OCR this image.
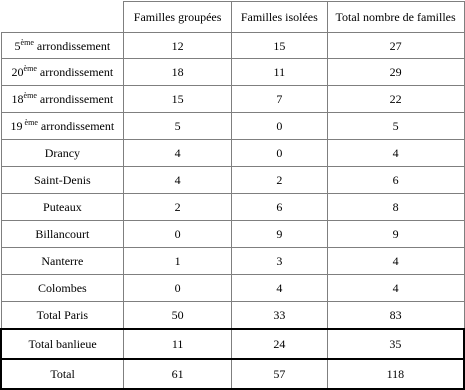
	Familles groupées	Familles isolées	Total nombre de familles
5ème arrondissement	12	15	27
20ème arrondissement	18	11	29
18ème arrondissement	15	7	22
19 $^{ème}$ arrondissement	5	0	5
Drancy	4	0	4
Saint-Denis	4	2	6
Puteaux	2	6	8
Billancourt	0	9	9
Nanterre	1	3	4
Colombes	0	4	4
Total Paris	50	33	83
Total banlieue	11	24	35
Total	61	57	118
